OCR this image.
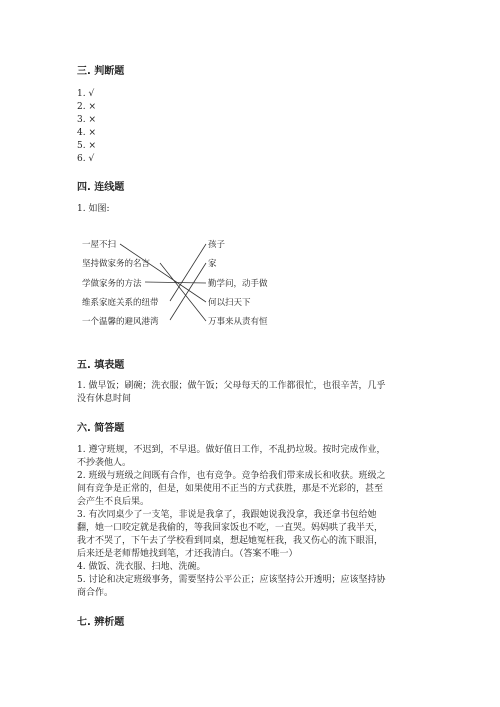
三. 判断题
1. √
2. ×
3. ×
4. ×
5. ×
6. √
四. 连线题
1. 如图:
一屋不扫
坚持做家务的名言
学做家务的方法
维系家庭关系的纽带
一个温馨的避风港湾
孩子
家
勤学问，动手做
何以扫天下
万事来从责有恒
五. 填表题
1. 做早饭；刷碗；洗衣服；做午饭；父母每天的工作都很忙，也很辛苦，几乎
没有休息时间
六. 简答题
1. 遵守班规，不迟到，不早退。做好值日工作，不乱扔垃圾。按时完成作业，
不抄袭他人。
2. 班级与班级之间既有合作，也有竞争。竞争给我们带来成长和收获。班级之
间有竞争是正常的，但是，如果使用不正当的方式获胜，那是不光彩的，甚至
会产生不良后果。
3. 有次同桌少了一支笔，非说是我拿了，我跟她说我没拿，我还拿书包给她
翻，她一口咬定就是我偷的，等我回家饭也不吃，一直哭。妈妈哄了我半天，
我才不哭了，下午去了学校看到同桌，想起她冤枉我，我又伤心的流下眼泪，
后来还是老师帮她找到笔，才还我清白。（答案不唯一）
4. 做饭、洗衣服、扫地、洗碗。
5. 讨论和决定班级事务，需要坚持公平公正；应该坚持公开透明；应该坚持协
商合作。
七. 辨析题
